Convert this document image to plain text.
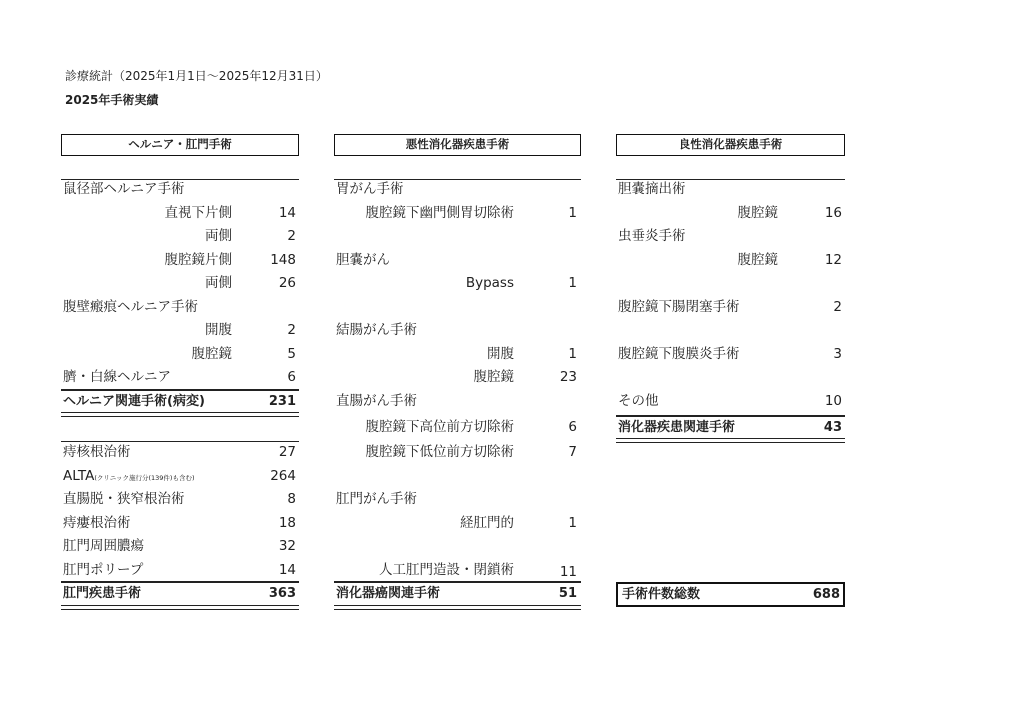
診療統計（2025年1月1日～2025年12月31日）
2025年手術実績
ヘルニア・肛門手術	悪性消化器疾患手術	良性消化器疾患手術
鼠径部ヘルニア手術
直視下片側	14
両側	2
腹腔鏡片側	148
両側	26
腹壁瘢痕ヘルニア手術
開腹	2
腹腔鏡	5
臍・白線ヘルニア	6
ヘルニア関連手術(病変)	231
痔核根治術	27
ALTA(クリニック施行分(139件)も含む)	264
直腸脱・狭窄根治術	8
痔瘻根治術	18
肛門周囲膿瘍	32
肛門ポリープ	14
肛門疾患手術	363
胃がん手術
腹腔鏡下幽門側胃切除術	1
胆嚢がん
Bypass	1
結腸がん手術
開腹	1
腹腔鏡	23
直腸がん手術
腹腔鏡下高位前方切除術	6
腹腔鏡下低位前方切除術	7
肛門がん手術
経肛門的	1
人工肛門造設・閉鎖術	11
消化器癌関連手術	51
胆嚢摘出術
腹腔鏡	16
虫垂炎手術
腹腔鏡	12
腹腔鏡下腸閉塞手術	2
腹腔鏡下腹膜炎手術	3
その他	10
消化器疾患関連手術	43
手術件数総数	688
